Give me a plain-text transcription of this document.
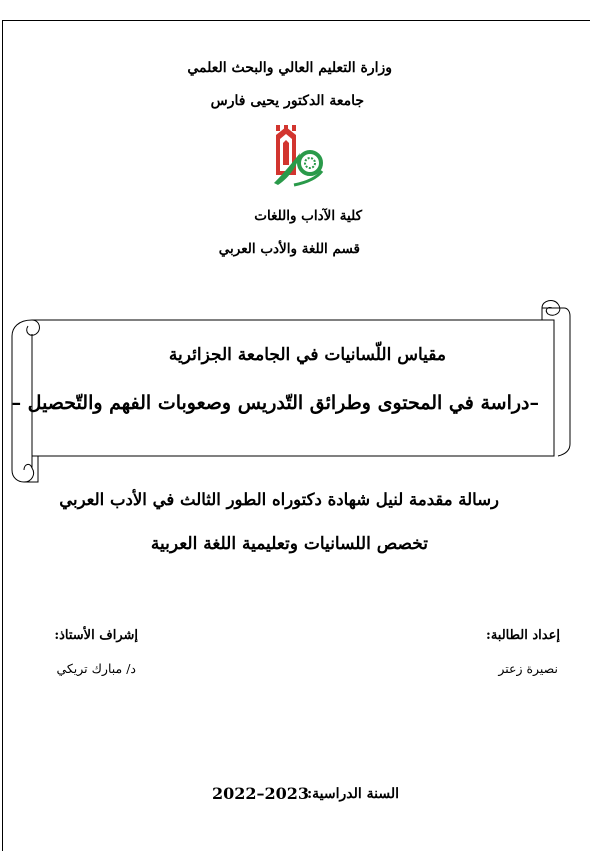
وزارة التعليم العالي والبحث العلمي
جامعة الدكتور يحيى فارس
كلية الآداب واللغات
قسم اللغة والأدب العربي
مقياس اللّسانيات في الجامعة الجزائرية
–دراسة في المحتوى وطرائق التّدريس وصعوبات الفهم والتّحصيل –
رسالة مقدمة لنيل شهادة دكتوراه الطور الثالث في الأدب العربي
تخصص اللسانيات وتعليمية اللغة العربية
إعداد الطالبة:
إشراف الأستاذ:
نصيرة زعتر
د/ مبارك تريكي
السنة الدراسية:
2022–2023
